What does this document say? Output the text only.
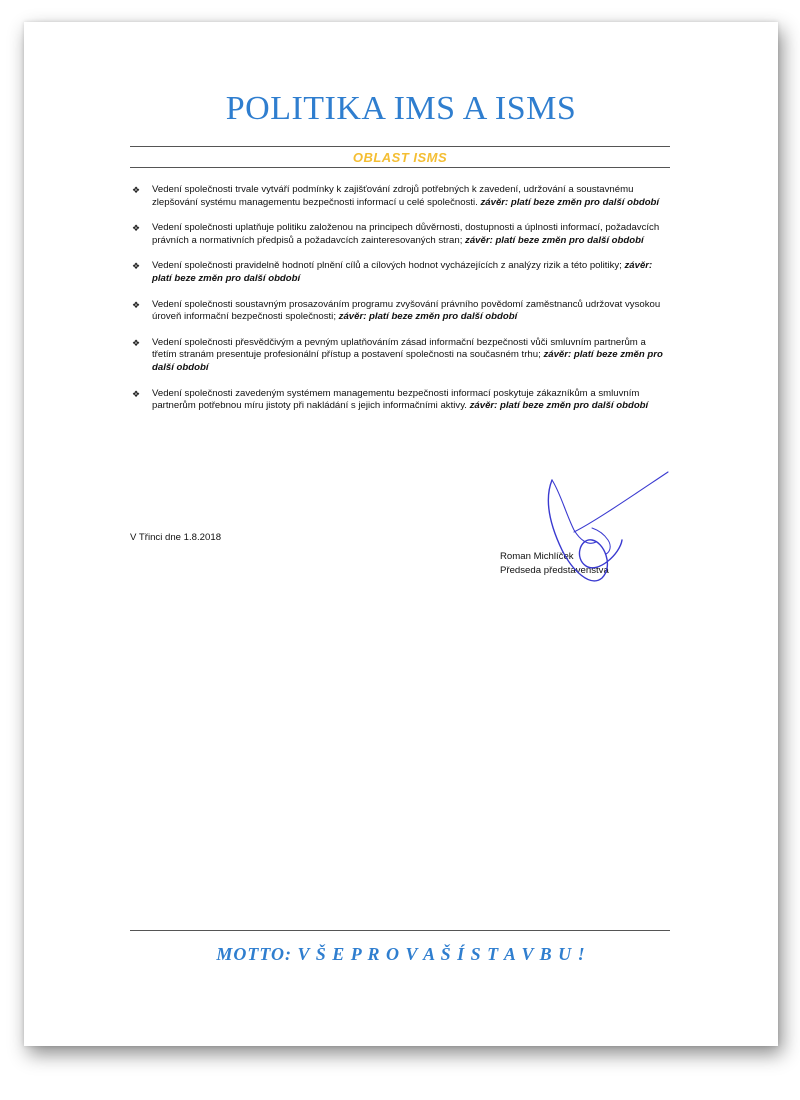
POLITIKA IMS A ISMS
OBLAST ISMS
❖ Vedení společnosti trvale vytváří podmínky k zajišťování zdrojů potřebných k zavedení, udržování a soustavnému zlepšování systému managementu bezpečnosti informací u celé společnosti. závěr: platí beze změn pro další období
❖ Vedení společnosti uplatňuje politiku založenou na principech důvěrnosti, dostupnosti a úplnosti informací, požadavcích právních a normativních předpisů a požadavcích zainteresovaných stran; závěr: platí beze změn pro další období
❖ Vedení společnosti pravidelně hodnotí plnění cílů a cílových hodnot vycházejících z analýzy rizik a této politiky; závěr: platí beze změn pro další období
❖ Vedení společnosti soustavným prosazováním programu zvyšování právního povědomí zaměstnanců udržovat vysokou úroveň informační bezpečnosti společnosti; závěr: platí beze změn pro další období
❖ Vedení společnosti přesvědčivým a pevným uplatňováním zásad informační bezpečnosti vůči smluvním partnerům a třetím stranám presentuje profesionální přístup a postavení společnosti na současném trhu; závěr: platí beze změn pro další období
❖ Vedení společnosti zavedeným systémem managementu bezpečnosti informací poskytuje zákazníkům a smluvním partnerům potřebnou míru jistoty při nakládání s jejich informačními aktivy. závěr: platí beze změn pro další období
V Třinci dne 1.8.2018
Roman Michlíček
Předseda představenstva
MOTTO: V Š E P R O V A Š Í S T A V B U !
